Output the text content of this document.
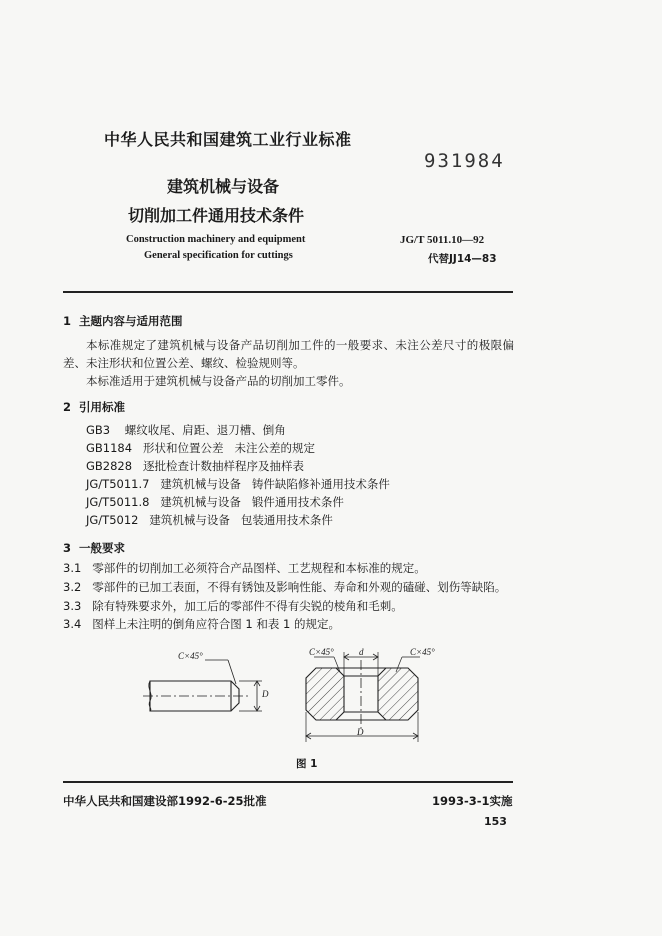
中华人民共和国建筑工业行业标准
931984
建筑机械与设备
切削加工件通用技术条件
Construction machinery and equipment
General specification for cuttings
JG/T 5011.10—92
代替JJ14—83
1 主题内容与适用范围
本标准规定了建筑机械与设备产品切削加工件的一般要求、未注公差尺寸的极限偏
差、未注形状和位置公差、螺纹、检验规则等。
本标准适用于建筑机械与设备产品的切削加工零件。
2 引用标准
GB3    螺纹收尾、肩距、退刀槽、倒角
GB1184   形状和位置公差   未注公差的规定
GB2828   逐批检查计数抽样程序及抽样表
JG/T5011.7   建筑机械与设备   铸件缺陷修补通用技术条件
JG/T5011.8   建筑机械与设备   锻件通用技术条件
JG/T5012   建筑机械与设备   包装通用技术条件
3 一般要求
3.1   零部件的切削加工必须符合产品图样、工艺规程和本标准的规定。
3.2   零部件的已加工表面，不得有锈蚀及影响性能、寿命和外观的磕碰、划伤等缺陷。
3.3   除有特殊要求外，加工后的零部件不得有尖锐的棱角和毛刺。
3.4   图样上未注明的倒角应符合图 1 和表 1 的规定。
C×45°
D
C×45°	d	C×45°
D
图 1
中华人民共和国建设部1992-6-25批准	1993-3-1实施
153
